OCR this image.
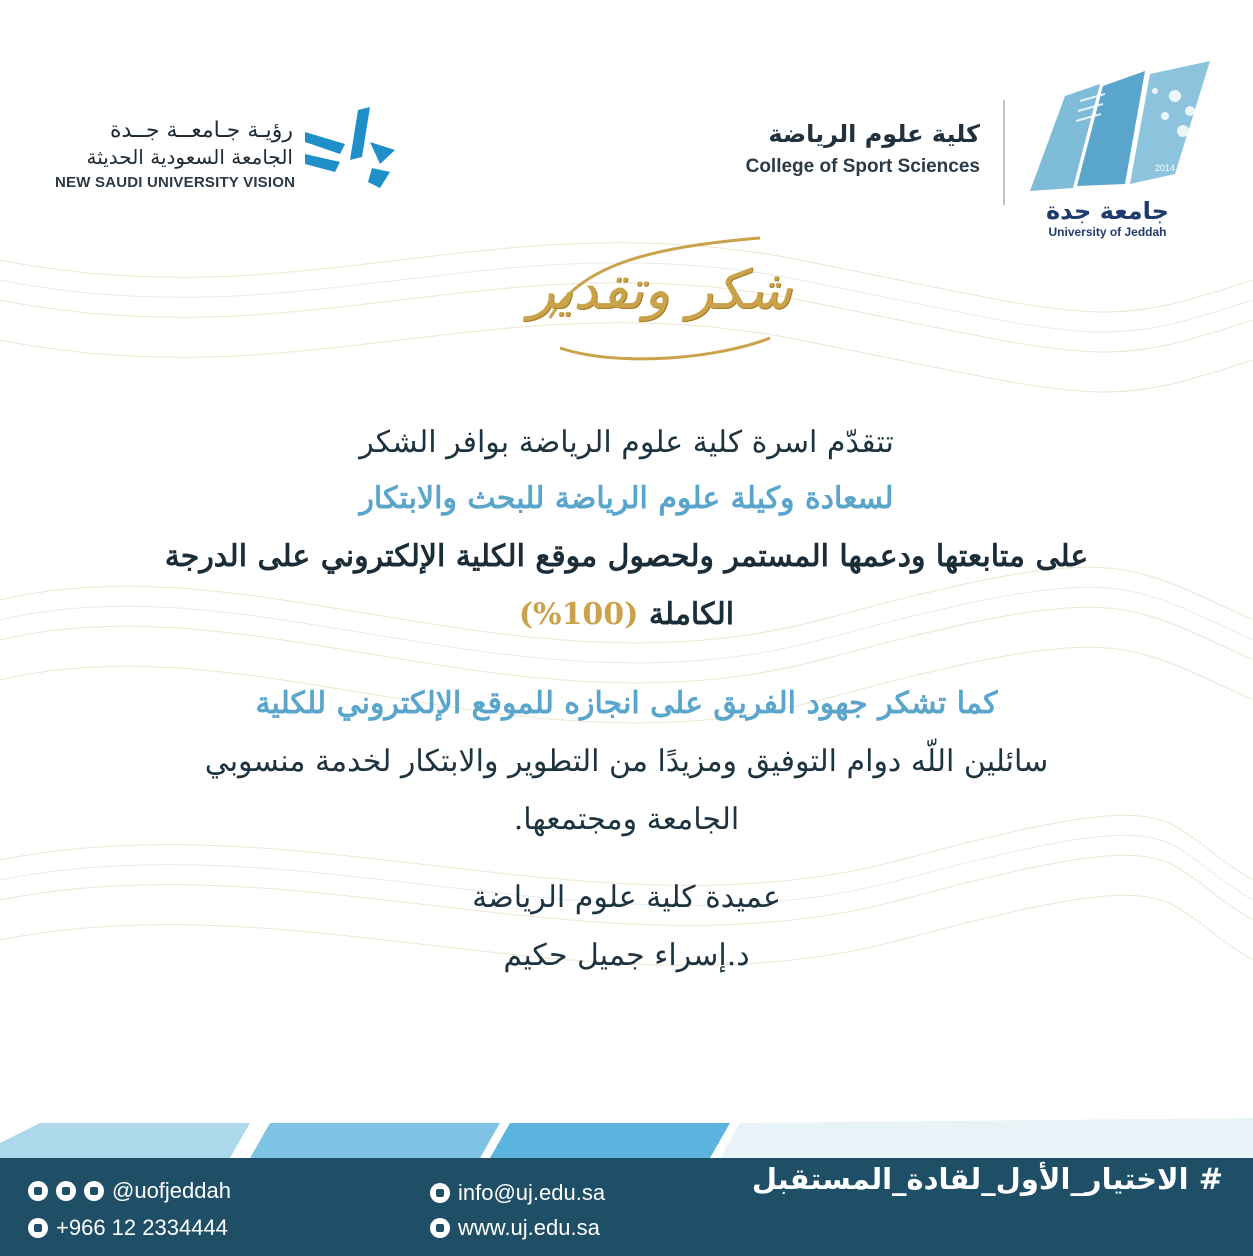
رؤيـة جـامعــة جــدة
الجامعة السعودية الحديثة
NEW SAUDI UNIVERSITY VISION
كلية علوم الرياضة
College of Sport Sciences	2014
جامعة جدة
University of Jeddah
شكر وتقدير
تتقدّم اسرة كلية علوم الرياضة بوافر الشكر
لسعادة وكيلة علوم الرياضة للبحث والابتكار
على متابعتها ودعمها المستمر ولحصول موقع الكلية الإلكتروني على الدرجة
الكاملة (100%)
كما تشكر جهود الفريق على انجازه للموقع الإلكتروني للكلية
سائلين اللّه دوام التوفيق ومزيدًا من التطوير والابتكار لخدمة منسوبي
الجامعة ومجتمعها.
عميدة كلية علوم الرياضة
د.إسراء جميل حكيم
@uofjeddah
+966 12 2334444
info@uj.edu.sa
www.uj.edu.sa
# الاختيار_الأول_لقادة_المستقبل
